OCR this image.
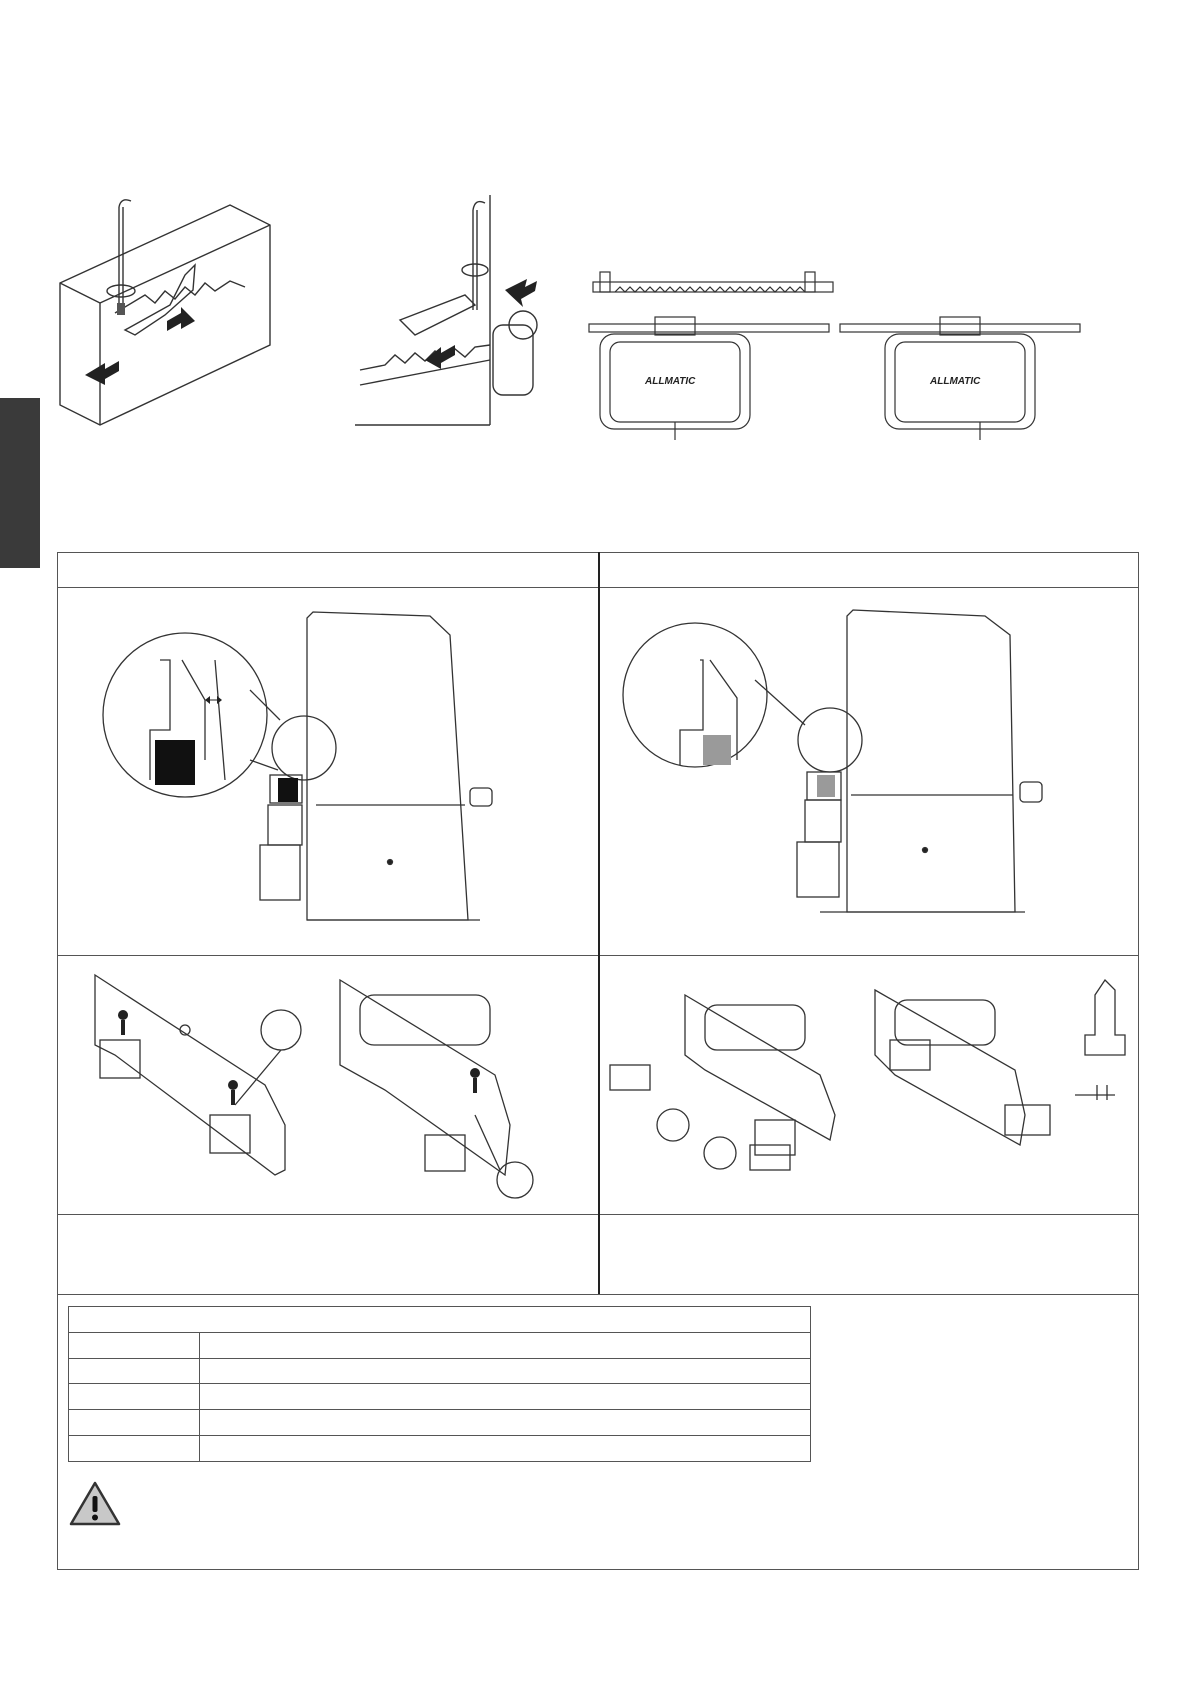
ALLMATIC	ALLMATIC
